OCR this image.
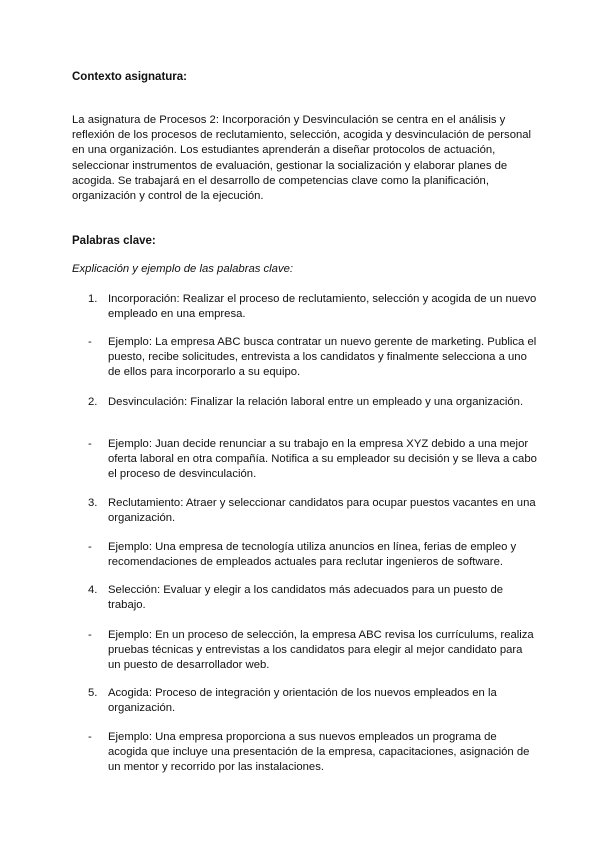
Contexto asignatura:

La asignatura de Procesos 2: Incorporación y Desvinculación se centra en el análisis y reflexión de los procesos de reclutamiento, selección, acogida y desvinculación de personal en una organización. Los estudiantes aprenderán a diseñar protocolos de actuación, seleccionar instrumentos de evaluación, gestionar la socialización y elaborar planes de acogida. Se trabajará en el desarrollo de competencias clave como la planificación, organización y control de la ejecución.

Palabras clave:

Explicación y ejemplo de las palabras clave:

1. Incorporación: Realizar el proceso de reclutamiento, selección y acogida de un nuevo empleado en una empresa.
-	Ejemplo: La empresa ABC busca contratar un nuevo gerente de marketing. Publica el puesto, recibe solicitudes, entrevista a los candidatos y finalmente selecciona a uno de ellos para incorporarlo a su equipo.
2. Desvinculación: Finalizar la relación laboral entre un empleado y una organización.
-	Ejemplo: Juan decide renunciar a su trabajo en la empresa XYZ debido a una mejor oferta laboral en otra compañía. Notifica a su empleador su decisión y se lleva a cabo el proceso de desvinculación.
3. Reclutamiento: Atraer y seleccionar candidatos para ocupar puestos vacantes en una organización.
-	Ejemplo: Una empresa de tecnología utiliza anuncios en línea, ferias de empleo y recomendaciones de empleados actuales para reclutar ingenieros de software.
4. Selección: Evaluar y elegir a los candidatos más adecuados para un puesto de trabajo.
-	Ejemplo: En un proceso de selección, la empresa ABC revisa los currículums, realiza pruebas técnicas y entrevistas a los candidatos para elegir al mejor candidato para un puesto de desarrollador web.
5. Acogida: Proceso de integración y orientación de los nuevos empleados en la organización.
-	Ejemplo: Una empresa proporciona a sus nuevos empleados un programa de acogida que incluye una presentación de la empresa, capacitaciones, asignación de un mentor y recorrido por las instalaciones.
